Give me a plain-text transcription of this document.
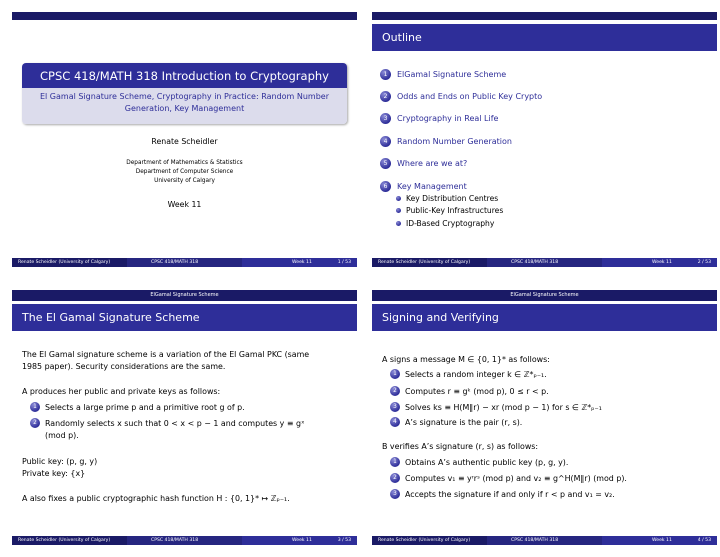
CPSC 418/MATH 318 Introduction to Cryptography
El Gamal Signature Scheme, Cryptography in Practice: Random Number
Generation, Key Management
Renate Scheidler
Department of Mathematics & Statistics
Department of Computer Science
University of Calgary
Week 11
Renate Scheidler (University of Calgary)	CPSC 418/MATH 318	Week 11	1 / 53
Outline
1	ElGamal Signature Scheme
2	Odds and Ends on Public Key Crypto
3	Cryptography in Real Life
4	Random Number Generation
5	Where are we at?
6	Key Management
Key Distribution Centres
Public-Key Infrastructures
ID-Based Cryptography
Renate Scheidler (University of Calgary)	CPSC 418/MATH 318	Week 11	2 / 53
ElGamal Signature Scheme
The El Gamal Signature Scheme
The El Gamal signature scheme is a variation of the El Gamal PKC (same
1985 paper). Security considerations are the same.
A produces her public and private keys as follows:
1	Selects a large prime p and a primitive root g of p.
2	Randomly selects x such that 0 < x < p − 1 and computes y ≡ gˣ
(mod p).
Public key: (p, g, y)
Private key: {x}
A also fixes a public cryptographic hash function H : {0, 1}* ↦ ℤₚ₋₁.
Renate Scheidler (University of Calgary)	CPSC 418/MATH 318	Week 11	3 / 53
ElGamal Signature Scheme
Signing and Verifying
A signs a message M ∈ {0, 1}* as follows:
1	Selects a random integer k ∈ ℤ*ₚ₋₁.
2	Computes r ≡ gᵏ (mod p), 0 ≤ r < p.
3	Solves ks ≡ H(M‖r) − xr (mod p − 1) for s ∈ ℤ*ₚ₋₁
4	A’s signature is the pair (r, s).
B verifies A’s signature (r, s) as follows:
1	Obtains A’s authentic public key (p, g, y).
2	Computes v₁ ≡ yʳrˢ (mod p) and v₂ ≡ g^H(M‖r) (mod p).
3	Accepts the signature if and only if r < p and v₁ = v₂.
Renate Scheidler (University of Calgary)	CPSC 418/MATH 318	Week 11	4 / 53
